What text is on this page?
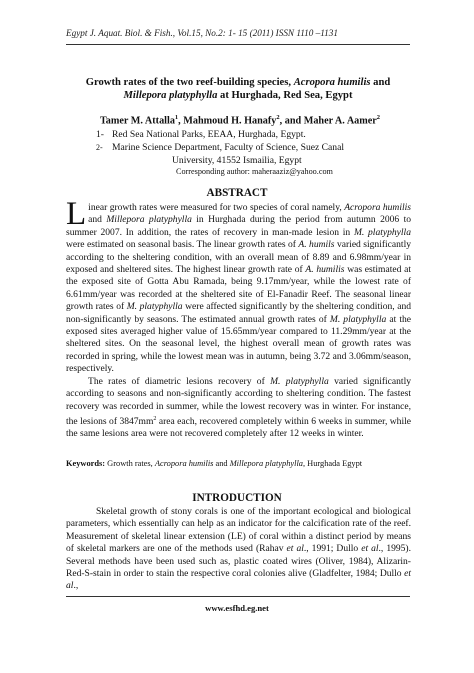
Egypt J. Aquat. Biol. & Fish., Vol.15, No.2: 1- 15 (2011) ISSN 1110 –1131
Growth rates of the two reef-building species, Acropora humilis and
Millepora platyphylla at Hurghada, Red Sea, Egypt
Tamer M. Attalla$^1$, Mahmoud H. Hanafy$^2$, and Maher A. Aamer$^2$
1- Red Sea National Parks, EEAA, Hurghada, Egypt.
2- Marine Science Department, Faculty of Science, Suez Canal
University, 41552 Ismailia, Egypt
Corresponding author: maheraaziz@yahoo.com
ABSTRACT

Linear growth rates were measured for two species of coral namely, Acropora humilis and Millepora platyphylla in Hurghada during the period from autumn 2006 to summer 2007. In addition, the rates of recovery in man-made lesion in M. platyphylla were estimated on seasonal basis. The linear growth rates of A. humils varied significantly according to the sheltering condition, with an overall mean of 8.89 and 6.98mm/year in exposed and sheltered sites. The highest linear growth rate of A. humilis was estimated at the exposed site of Gotta Abu Ramada, being 9.17mm/year, while the lowest rate of 6.61mm/year was recorded at the sheltered site of El-Fanadir Reef. The seasonal linear growth rates of M. platyphylla were affected significantly by the sheltering condition, and non-significantly by seasons. The estimated annual growth rates of M. platyphylla at the exposed sites averaged higher value of 15.65mm/year compared to 11.29mm/year at the sheltered sites. On the seasonal level, the highest overall mean of growth rates was recorded in spring, while the lowest mean was in autumn, being 3.72 and 3.06mm/season, respectively.

The rates of diametric lesions recovery of M. platyphylla varied significantly according to seasons and non-significantly according to sheltering condition. The fastest recovery was recorded in summer, while the lowest recovery was in winter. For instance, the lesions of $3847mm^2$ area each, recovered completely within 6 weeks in summer, while the same lesions area were not recovered completely after 12 weeks in winter.

Keywords: Growth rates, Acropora humilis and Millepora platyphylla, Hurghada Egypt
INTRODUCTION

Skeletal growth of stony corals is one of the important ecological and biological parameters, which essentially can help as an indicator for the calcification rate of the reef. Measurement of skeletal linear extension (LE) of coral within a distinct period by means of skeletal markers are one of the methods used (Rahav et al., 1991; Dullo et al., 1995). Several methods have been used such as, plastic coated wires (Oliver, 1984), Alizarin-Red-S-stain in order to stain the respective coral colonies alive (Gladfelter, 1984; Dullo et al.,

www.esfhd.eg.net
